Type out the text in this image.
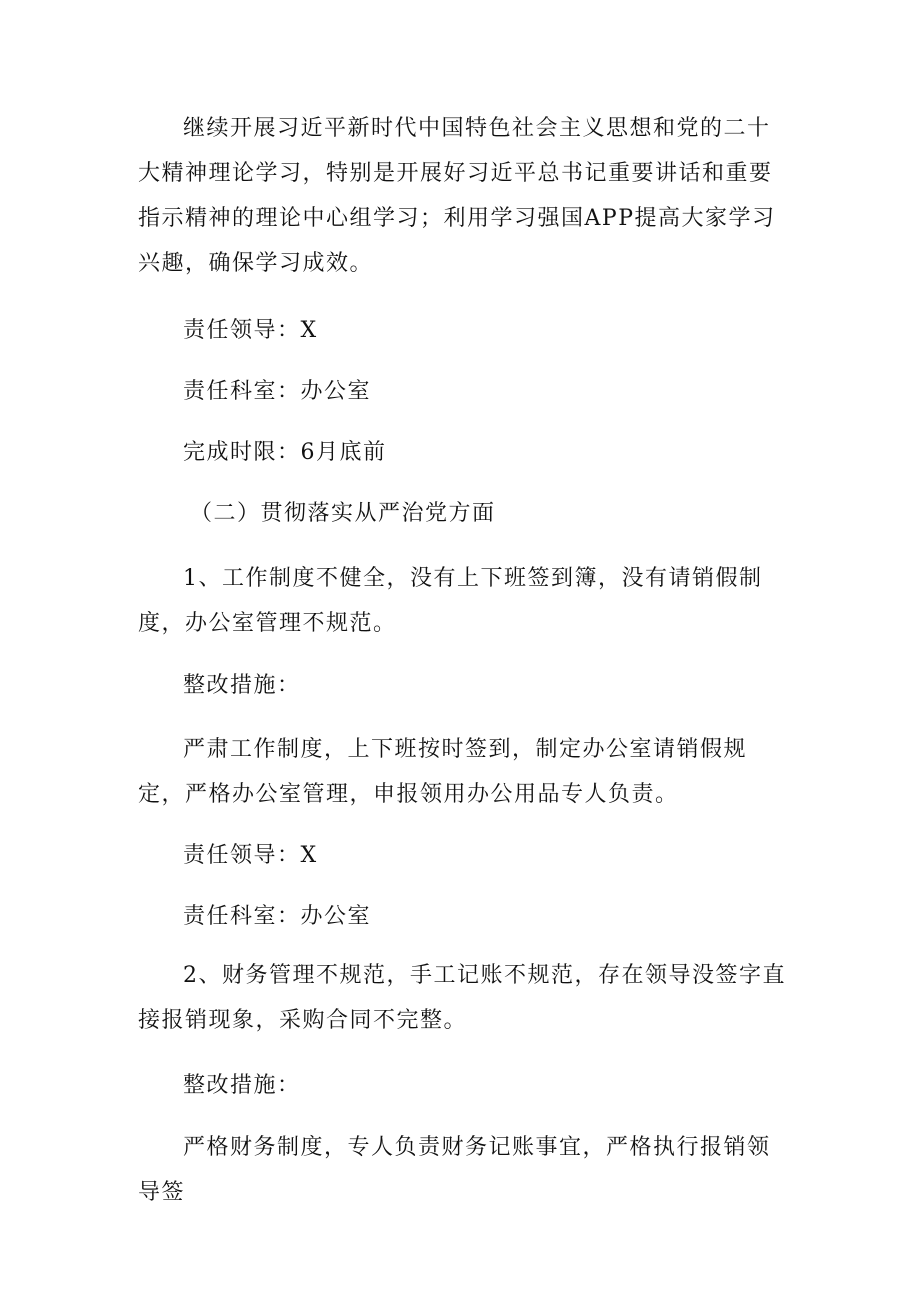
继续开展习近平新时代中国特色社会主义思想和党的二十大精神理论学习，特别是开展好习近平总书记重要讲话和重要指示精神的理论中心组学习；利用学习强国APP提高大家学习兴趣，确保学习成效。

责任领导：X

责任科室：办公室

完成时限：6月底前

（二）贯彻落实从严治党方面

1、工作制度不健全，没有上下班签到簿，没有请销假制度，办公室管理不规范。

整改措施：

严肃工作制度，上下班按时签到，制定办公室请销假规定，严格办公室管理，申报领用办公用品专人负责。

责任领导：X

责任科室：办公室

2、财务管理不规范，手工记账不规范，存在领导没签字直接报销现象，采购合同不完整。

整改措施：

严格财务制度，专人负责财务记账事宜，严格执行报销领导签
